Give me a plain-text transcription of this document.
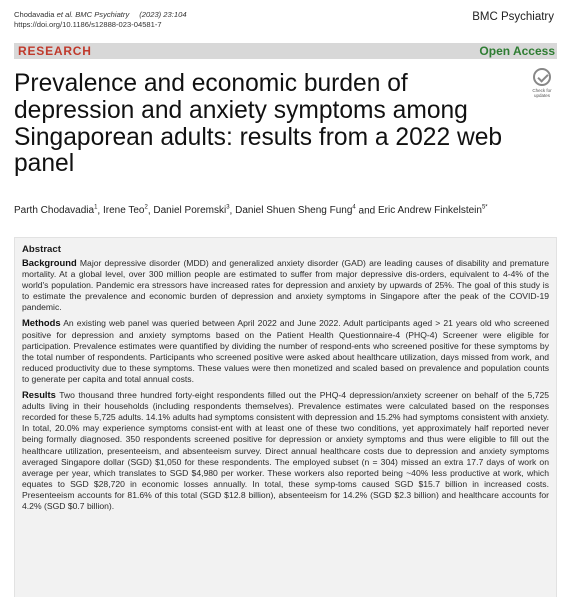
Chodavadia et al. BMC Psychiatry (2023) 23:104
https://doi.org/10.1186/s12888-023-04581-7
BMC Psychiatry
RESEARCH	Open Access
Prevalence and economic burden of depression and anxiety symptoms among Singaporean adults: results from a 2022 web panel
Check for updates
Parth Chodavadia$^1$, Irene Teo$^2$, Daniel Poremski$^3$, Daniel Shuen Sheng Fung$^4$ and Eric Andrew Finkelstein$^{5*}$
Abstract

Background Major depressive disorder (MDD) and generalized anxiety disorder (GAD) are leading causes of disability and premature mortality. At a global level, over 300 million people are estimated to suffer from major depressive dis-orders, equivalent to 4-4% of the world's population. Pandemic era stressors have increased rates for depression and anxiety by upwards of 25%. The goal of this study is to estimate the prevalence and economic burden of depression and anxiety symptoms in Singapore after the peak of the COVID-19 pandemic.

Methods An existing web panel was queried between April 2022 and June 2022. Adult participants aged > 21 years old who screened positive for depression and anxiety symptoms based on the Patient Health Questionnaire-4 (PHQ-4) Screener were eligible for participation. Prevalence estimates were quantified by dividing the number of respond-ents who screened positive for these symptoms by the total number of respondents. Participants who screened positive were asked about healthcare utilization, days missed from work, and reduced productivity due to these symptoms. These values were then monetized and scaled based on prevalence and population counts to generate per capita and total annual costs.

Results Two thousand three hundred forty-eight respondents filled out the PHQ-4 depression/anxiety screener on behalf of the 5,725 adults living in their households (including respondents themselves). Prevalence estimates were calculated based on the responses recorded for these 5,725 adults. 14.1% adults had symptoms consistent with depression and 15.2% had symptoms consistent with anxiety. In total, 20.0% may experience symptoms consist-ent with at least one of these two conditions, yet approximately half reported never being formally diagnosed. 350 respondents screened positive for depression or anxiety symptoms and thus were eligible to fill out the healthcare utilization, presenteeism, and absenteeism survey. Direct annual healthcare costs due to depression and anxiety symptoms averaged Singapore dollar (SGD) $1,050 for these respondents. The employed subset (n = 304) missed an extra 17.7 days of work on average per year, which translates to SGD $4,980 per worker. These workers also reported being ~40% less productive at work, which equates to SGD $28,720 in economic losses annually. In total, these symp-toms caused SGD $15.7 billion in increased costs. Presenteeism accounts for 81.6% of this total (SGD $12.8 billion), absenteeism for 14.2% (SGD $2.3 billion) and healthcare accounts for 4.2% (SGD $0.7 billion).
